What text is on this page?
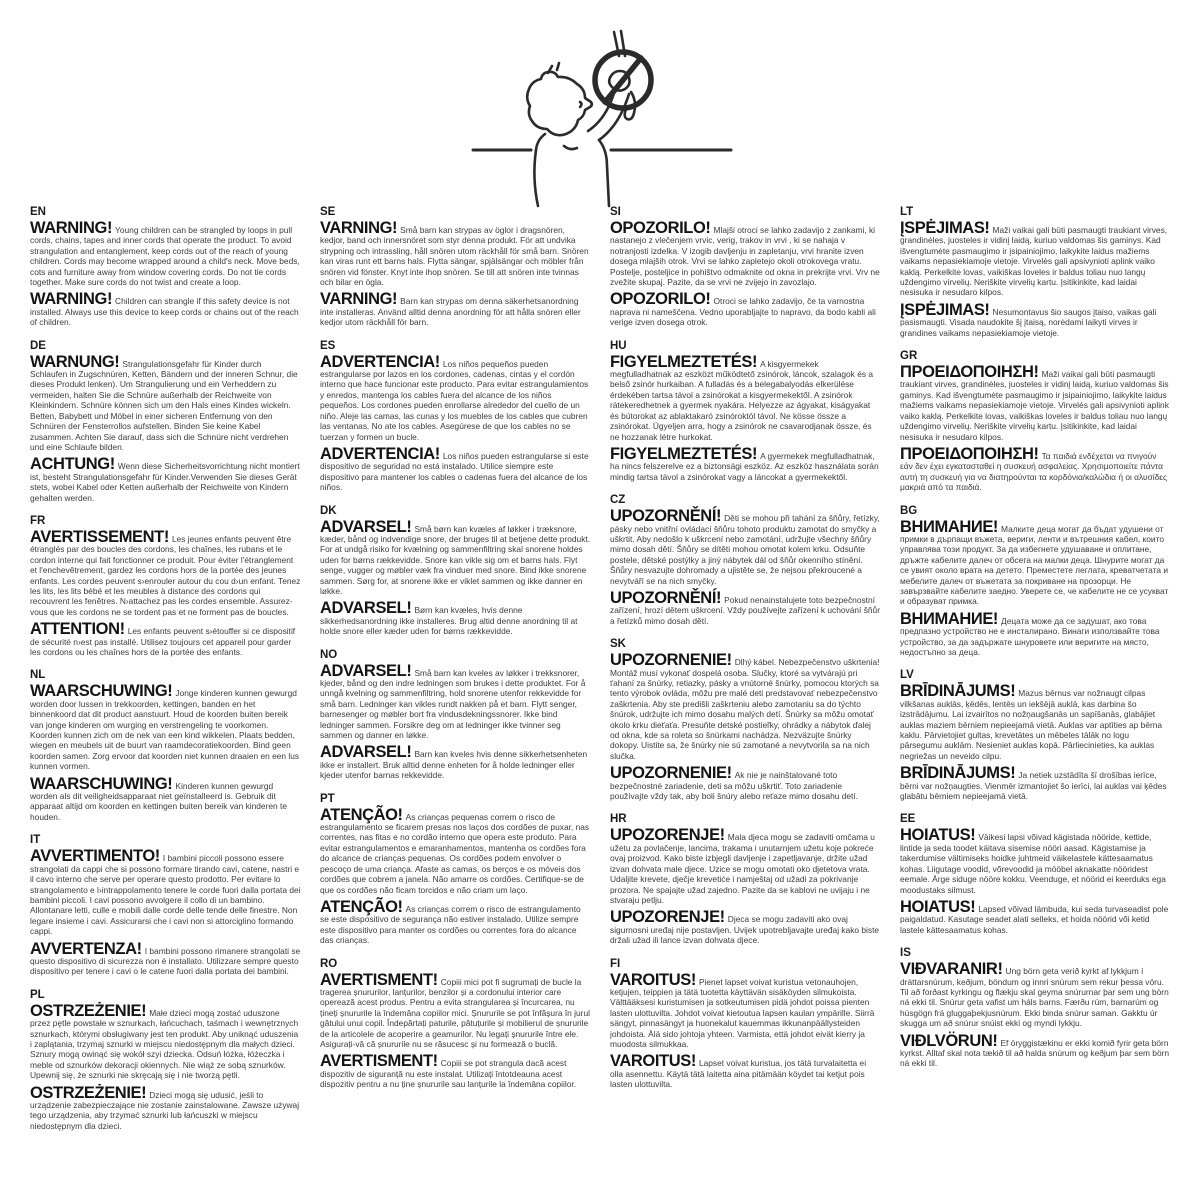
EN

WARNING! Young children can be strangled by loops in pull cords, chains, tapes and inner cords that operate the product. To avoid strangulation and entanglement, keep cords out of the reach of young children. Cords may become wrapped around a child's neck. Move beds, cots and furniture away from window covering cords. Do not tie cords together. Make sure cords do not twist and create a loop.

WARNING! Children can strangle if this safety device is not installed. Always use this device to keep cords or chains out of the reach of children.

DE

WARNUNG! Strangulationsgefahr für Kinder durch Schlaufen in Zugschnüren, Ketten, Bändern und der inneren Schnur, die dieses Produkt lenken). Um Strangulierung und ein Verheddern zu vermeiden, halten Sie die Schnüre außerhalb der Reichweite von Kleinkindern. Schnüre können sich um den Hals eines Kindes wickeln. Betten, Babybett und Möbel in einer sicheren Entfernung von den Schnüren der Fensterrollos aufstellen. Binden Sie keine Kabel zusammen. Achten Sie darauf, dass sich die Schnüre nicht verdrehen und eine Schlaufe bilden.

ACHTUNG! Wenn diese Sicherheitsvorrichtung nicht montiert ist, besteht Strangulationsgefahr für Kinder.Verwenden Sie dieses Gerät stets, wobei Kabel oder Ketten außerhalb der Reichweite von Kindern gehalten werden.

FR

AVERTISSEMENT! Les jeunes enfants peuvent être étranglés par des boucles des cordons, les chaînes, les rubans et le cordon interne qui fait fonctionner ce produit. Pour éviter l'étranglement et l'enchevêtrement, gardez les cordons hors de la portée des jeunes enfants. Les cordes peuvent s›enrouler autour du cou d›un enfant. Tenez les lits, les lits bébé et les meubles à distance des cordons qui recouvrent les fenêtres. N›attachez pas les cordes ensemble. Assurez-vous que les cordons ne se tordent pas et ne forment pas de boucles.

ATTENTION! Les enfants peuvent s›étouffer si ce dispositif de sécurité n›est pas installé. Utilisez toujours cet appareil pour garder les cordons ou les chaînes hors de la portée des enfants.

NL

WAARSCHUWING! Jonge kinderen kunnen gewurgd worden door lussen in trekkoorden, kettingen, banden en het binnenkoord dat dit product aanstuurt. Houd de koorden buiten bereik van jonge kinderen om wurging en verstrengeling te voorkomen. Koorden kunnen zich om de nek van een kind wikkelen. Plaats bedden, wiegen en meubels uit de buurt van raamdecoratiekoorden. Bind geen koorden samen. Zorg ervoor dat koorden niet kunnen draaien en een lus kunnen vormen.

WAARSCHUWING! Kinderen kunnen gewurgd worden als dit veiligheidsapparaat niet geïnstalleerd is. Gebruik dit apparaat altijd om koorden en kettingen buiten bereik van kinderen te houden.

IT

AVVERTIMENTO! I bambini piccoli possono essere strangolati da cappi che si possono formare tirando cavi, catene, nastri e il cavo interno che serve per operare questo prodotto. Per evitare lo strangolamento e l›intrappolamento tenere le corde fuori dalla portata dei bambini piccoli. I cavi possono avvolgere il collo di un bambino. Allontanare letti, culle e mobili dalle corde delle tende delle finestre. Non legare insieme i cavi. Assicurarsi che i cavi non si attorciglino formando cappi.

AVVERTENZA! I bambini possono rimanere strangolati se questo dispositivo di sicurezza non è installato. Utilizzare sempre questo dispositivo per tenere i cavi o le catene fuori dalla portata dei bambini.

PL

OSTRZEŻENIE! Małe dzieci mogą zostać uduszone przez pętle powstałe w sznurkach, łańcuchach, taśmach i wewnętrznych sznurkach, którymi obsługiwany jest ten produkt. Aby uniknąć uduszenia i zaplątania, trzymaj sznurki w miejscu niedostępnym dla małych dzieci. Sznury mogą owinąć się wokół szyi dziecka. Odsuń łóżka, łóżeczka i meble od sznurków dekoracji okiennych. Nie wiąż ze sobą sznurków. Upewnij się, że sznurki nie skręcają się i nie tworzą pętli.

OSTRZEŻENIE! Dzieci mogą się udusić, jeśli to urządzenie zabezpieczające nie zostanie zainstalowane. Zawsze używaj tego urządzenia, aby trzymać sznurki lub łańcuszki w miejscu niedostępnym dla dzieci.

SE

VARNING! Små barn kan strypas av öglor i dragsnören, kedjor, band och innersnöret som styr denna produkt. För att undvika strypning och intrassling, håll snören utom räckhåll för små barn. Snören kan viras runt ett barns hals. Flytta sängar, spjälsängar och möbler från snören vid fönster. Knyt inte ihop snören. Se till att snören inte tvinnas och bilar en ögla.

VARNING! Barn kan strypas om denna säkerhetsanordning inte installeras. Använd alltid denna anordning för att hålla snören eller kedjor utom räckhåll för barn.

ES

ADVERTENCIA! Los niños pequeños pueden estrangularse por lazos en los cordones, cadenas, cintas y el cordón interno que hace funcionar este producto. Para evitar estrangulamientos y enredos, mantenga los cables fuera del alcance de los niños pequeños. Los cordones pueden enrollarse alrededor del cuello de un niño. Aleje las camas, las cunas y los muebles de los cables que cubren las ventanas. No ate los cables. Asegúrese de que los cables no se tuerzan y formen un bucle.

ADVERTENCIA! Los niños pueden estrangularse si este dispositivo de seguridad no está instalado. Utilice siempre este dispositivo para mantener los cables o cadenas fuera del alcance de los niños.

DK

ADVARSEL! Små børn kan kvæles af løkker i træksnore, kæder, bånd og indvendige snore, der bruges til at betjene dette produkt. For at undgå risiko for kvælning og sammenfiltring skal snorene holdes uden for børns rækkevidde. Snore kan vikle sig om et barns hals. Flyt senge, vugger og møbler væk fra vinduer med snore. Bind ikke snorene sammen. Sørg for, at snorene ikke er viklet sammen og ikke danner en løkke.

ADVARSEL! Børn kan kvæles, hvis denne sikkerhedsanordning ikke installeres. Brug altid denne anordning til at holde snore eller kæder uden for børns rækkevidde.

NO

ADVARSEL! Små barn kan kveles av løkker i trekksnorer, kjeder, bånd og den indre ledningen som brukes i dette produktet. For å unngå kvelning og sammenfiltring, hold snorene utenfor rekkevidde for små barn. Ledninger kan vikles rundt nakken på et barn. Flytt senger, barnesenger og møbler bort fra vindusdekningssnorer. Ikke bind ledninger sammen. Forsikre deg om at ledninger ikke tvinner seg sammen og danner en løkke.

ADVARSEL! Barn kan kveles hvis denne sikkerhetsenheten ikke er installert. Bruk alltid denne enheten for å holde ledninger eller kjeder utenfor barnas rekkevidde.

PT

ATENÇÃO! As crianças pequenas correm o risco de estrangulamento se ficarem presas nos laços dos cordões de puxar, nas correntes, nas fitas e no cordão interno que opera este produto. Para evitar estrangulamentos e emaranhamentos, mantenha os cordões fora do alcance de crianças pequenas. Os cordões podem envolver o pescoço de uma criança. Afaste as camas, os berços e os móveis dos cordões que cobrem a janela. Não amarre os cordões. Certifique-se de que os cordões não ficam torcidos e não criam um laço.

ATENÇÃO! As crianças correm o risco de estrangulamento se este dispositivo de segurança não estiver instalado. Utilize sempre este dispositivo para manter os cordões ou correntes fora do alcance das crianças.

RO

AVERTISMENT! Copiii mici pot fi sugrumați de bucle la tragerea șnururilor, lanțurilor, benzilor și a cordonului interior care operează acest produs. Pentru a evita strangularea și încurcarea, nu țineți șnururile la îndemâna copiilor mici. Șnururile se pot înfășura în jurul gâtului unui copil. Îndepărtați paturile, pătuțurile și mobilierul de șnururile de la articolele de acoperire a geamurilor. Nu legați șnururile între ele. Asigurați-vă că șnururile nu se răsucesc și nu formează o buclă.

AVERTISMENT! Copiii se pot strangula dacă acest dispozitiv de siguranță nu este instalat. Utilizați întotdeauna acest dispozitiv pentru a nu ține șnururile sau lanțurile la îndemâna copiilor.

SI

OPOZORILO! Mlajši otroci se lahko zadavijo z zankami, ki nastanejo z vlečenjem vrvic, verig, trakov in vrvi , ki se nahaja v notranjosti izdelka. V izogib davljenju in zapletanju, vrvi hranite izven dosega mlajših otrok. Vrvi se lahko zapletejo okoli otrokovega vratu. Postelje, posteljice in pohištvo odmaknite od okna in prekrijte vrvi. Vrv ne zvežite skupaj. Pazite, da se vrvi ne zvijejo in zavozlajo.

OPOZORILO! Otroci se lahko zadavijo, če ta varnostna naprava ni nameščena. Vedno uporabljajte to napravo, da bodo kabli ali verige izven dosega otrok.

HU

FIGYELMEZTETÉS! A kisgyermekek megfulladhatnak az eszközt működtető zsinórok, láncok, szalagok és a belső zsinór hurkaiban. A fulladás és a belegabalyodás elkerülése érdekében tartsa távol a zsinórokat a kisgyermekektől. A zsinórok rátekeredhetnek a gyermek nyakára. Helyezze az ágyakat, kiságyakat és bútorokat az ablaktakaró zsinóroktól távol. Ne kösse össze a zsinórokat. Ügyeljen arra, hogy a zsinórok ne csavarodjanak össze, és ne hozzanak létre hurkokat.

FIGYELMEZTETÉS! A gyermekek megfulladhatnak, ha nincs felszerelve ez a biztonsági eszköz. Az eszköz használata során mindig tartsa távol a zsinórokat vagy a láncokat a gyermekektől.

CZ

UPOZORNĚNÍ! Děti se mohou při tahání za šňůry, řetízky, pásky nebo vnitřní ovládací šňůru tohoto produktu zamotat do smyčky a uškrtit. Aby nedošlo k uškrcení nebo zamotání, udržujte všechny šňůry mimo dosah dětí. Šňůry se dítěti mohou omotat kolem krku. Odsuňte postele, dětské postýlky a jiný nábytek dál od šňůr okenního stínění. Šňůry nesvazujte dohromady a ujistěte se, že nejsou překroucené a nevytváří se na nich smyčky.

UPOZORNĚNÍ! Pokud nenainstalujete toto bezpečnostní zařízení, hrozí dětem uškrcení. Vždy používejte zařízení k uchování šňůr a řetízků mimo dosah dětí.

SK

UPOZORNENIE! Dlhý kábel. Nebezpečenstvo uškrtenia! Montáž musí vykonať dospelá osoba. Slučky, ktoré sa vytvárajú pri ťahaní za šnúrky, retiazky, pásky a vnútorné šnúrky, pomocou ktorých sa tento výrobok ovláda, môžu pre malé deti predstavovať nebezpečenstvo zaškrtenia. Aby ste predišli zaškrteniu alebo zamotaniu sa do týchto šnúrok, udržujte ich mimo dosahu malých detí. Šnúrky sa môžu omotať okolo krku dieťaťa. Presuňte detské postieľky, ohrádky a nábytok ďalej od okna, kde sa roleta so šnúrkami nachádza. Nezväzujte šnúrky dokopy. Uistite sa, že šnúrky nie sú zamotané a nevytvorila sa na nich slučka.

UPOZORNENIE! Ak nie je nainštalované toto bezpečnostné zariadenie, deti sa môžu uškrtiť. Toto zariadenie používajte vždy tak, aby boli šnúry alebo reťaze mimo dosahu detí.

HR

UPOZORENJE! Mala djeca mogu se zadaviti omčama u užetu za povlačenje, lancima, trakama i unutarnjem užetu koje pokreće ovaj proizvod. Kako biste izbjegli davljenje i zapetljavanje, držite užad izvan dohvata male djece. Uzice se mogu omotati oko djetetova vrata. Udaljite krevete, dječje krevetiće i namještaj od užadi za pokrivanje prozora. Ne spajajte užad zajedno. Pazite da se kablovi ne uvijaju i ne stvaraju petlju.

UPOZORENJE! Djeca se mogu zadaviti ako ovaj sigurnosni uređaj nije postavljen. Uvijek upotrebljavajte uređaj kako biste držali užad ili lance izvan dohvata djece.

FI

VAROITUS! Pienet lapset voivat kuristua vetonauhojen, ketjujen, teippien ja tätä tuotetta käyttävän sisäköyden silmukoista. Välttääksesi kuristumisen ja sotkeutumisen pidä johdot poissa pienten lasten ulottuvilta. Johdot voivat kietoutua lapsen kaulan ympärille. Siirrä sängyt, pinnasängyt ja huonekalut kauemmas ikkunanpäällysteiden johdoista. Älä sido johtoja yhteen. Varmista, että johdot eivät kierry ja muodosta silmukkaa.

VAROITUS! Lapset voivat kuristua, jos tätä turvalaitetta ei olla asennettu. Käytä tätä laitetta aina pitämään köydet tai ketjut pois lasten ulottuvilta.

LT

ĮSPĖJIMAS! Maži vaikai gali būti pasmaugti traukiant virves, grandinėles, juosteles ir vidinį laidą, kuriuo valdomas šis gaminys. Kad išvengtumėte pasmaugimo ir įsipainiojimo, laikykite laidus mažiems vaikams nepasiekiamoje vietoje. Virvelės gali apsivynioti aplink vaiko kaklą. Perkelkite lovas, vaikiškas loveles ir baldus toliau nuo langų uždengimo virvelių. Neriškite virvelių kartu. Įsitikinkite, kad laidai nesisuka ir nesudaro kilpos.

ĮSPĖJIMAS! Nesumontavus šio saugos įtaiso, vaikas gali pasismaugti. Visada naudokite šį įtaisą, norėdami laikyti virves ir grandines vaikams nepasiekiamoje vietoje.

GR

ΠΡΟΕΙΔΟΠΟΙΗΣΗ! Maži vaikai gali būti pasmaugti traukiant virves, grandinėles, juosteles ir vidinį laidą, kuriuo valdomas šis gaminys. Kad išvengtumėte pasmaugimo ir įsipainiojimo, laikykite laidus mažiems vaikams nepasiekiamoje vietoje. Virvelės gali apsivynioti aplink vaiko kaklą. Perkelkite lovas, vaikiškas loveles ir baldus toliau nuo langų uždengimo virvelių. Neriškite virvelių kartu. Įsitikinkite, kad laidai nesisuka ir nesudaro kilpos.

ΠΡΟΕΙΔΟΠΟΙΗΣΗ! Τα παιδιά ενδέχεται να πνιγούν εάν δεν έχει εγκατασταθεί η συσκευή ασφαλείας. Χρησιμοποιείτε πάντα αυτή τη συσκευή για να διατηρούνται τα κορδόνια/καλώδια ή οι αλυσίδες μακριά από τα παιδιά.

BG

ВНИМАНИЕ! Малките деца могат да бъдат удушени от примки в дърпащи въжета, вериги, ленти и вътрешния кабел, които управлява този продукт. За да избегнете удушаване и оплитане, дръжте кабелите далеч от обсега на малки деца. Шнурите могат да се увият около врата на детето. Преместете леглата, креватчетата и мебелите далеч от въжетата за покриване на прозорци. Не завързвайте кабелите заедно. Уверете се, че кабелите не се усукват и образуват примка.

ВНИМАНИЕ! Децата може да се задушат, ако това предпазно устройство не е инсталирано. Винаги използвайте това устройство, за да задържате шнуровете или веригите на място, недостъпно за деца.

LV

BRĪDINĀJUMS! Mazus bērnus var nožnaugt cilpas vilkšanas auklās, ķēdēs, lentēs un iekšējā auklā, kas darbina šo izstrādājumu. Lai izvairītos no nožņaugšanās un sapīšanās, glabājiet auklas maziem bērniem nepieejamā vietā. Auklas var aptīties ap bērna kaklu. Pārvietojiet gultas, krevetātes un mēbeles tālāk no logu pārsegumu auklām. Nesieniet auklas kopā. Pārliecinieties, ka auklas negriežas un neveido cilpu.

BRĪDINĀJUMS! Ja netiek uzstādīta šī drošības ierīce, bērni var nožņaugties. Vienmēr izmantojiet šo ierīci, lai auklas vai ķēdes glabātu bērniem nepieejamā vietā.

EE

HOIATUS! Väikesi lapsi võivad kägistada nööride, kettide, lintide ja seda toodet käitava sisemise nööri aasad. Kägistamise ja takerdumise vältimiseks hoidke juhtmeid väikelastele kättesaamatus kohas. Liigutage voodid, võrevoodid ja mööbel aknakatte nööridest eemale. Ärge siduge nööre kokku. Veenduge, et nöörid ei keerduks ega moodustaks silmust.

HOIATUS! Lapsed võivad lämbuda, kui seda turvaseadist pole paigaldatud. Kasutage seadet alati selleks, et hoida nöörid või ketid lastele kättesaamatus kohas.

IS

VIÐVARANIR! Ung börn geta verið kyrkt af lykkjum í dráttarsnúrum, keðjum, böndum og innri snúrum sem rekur þessa vöru. Til að forðast kyrkingu og flækju skal geyma snúrurnar þar sem ung börn ná ekki til. Snúrur geta vafist um háls barns. Færðu rúm, barnarúm og húsgögn frá gluggaþekjusnúrum. Ekki binda snúrur saman. Gakktu úr skugga um að snúrur snúist ekki og myndi lykkju.

VIÐLVÖRUN! Ef öryggistækinu er ekki komið fyrir geta börn kyrkst. Alltaf skal nota tækið til að halda snúrum og keðjum þar sem börn ná ekki til.
